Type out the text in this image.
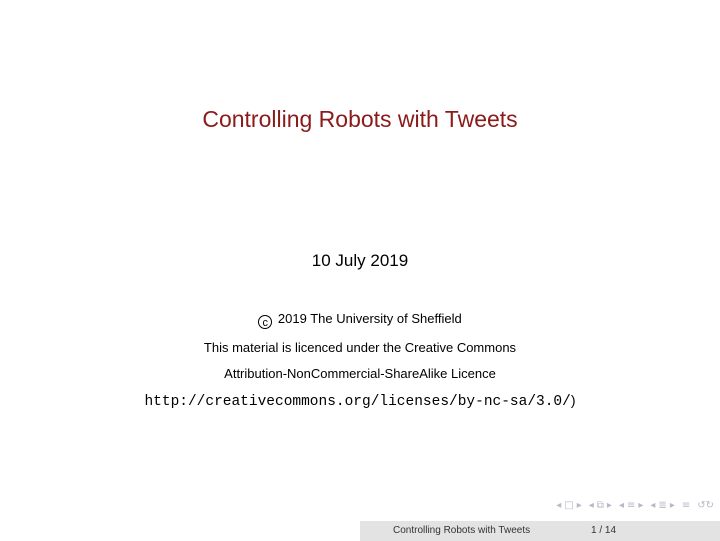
Controlling Robots with Tweets
10 July 2019
c 2019 The University of Sheffield
This material is licenced under the Creative Commons
Attribution-NonCommercial-ShareAlike Licence
http://creativecommons.org/licenses/by-nc-sa/3.0/)
◂ □ ▸ ◂ ⧉ ▸ ◂ ≡ ▸ ◂ ≣ ▸ ≡ ↺↻
Controlling Robots with Tweets	1 / 14
